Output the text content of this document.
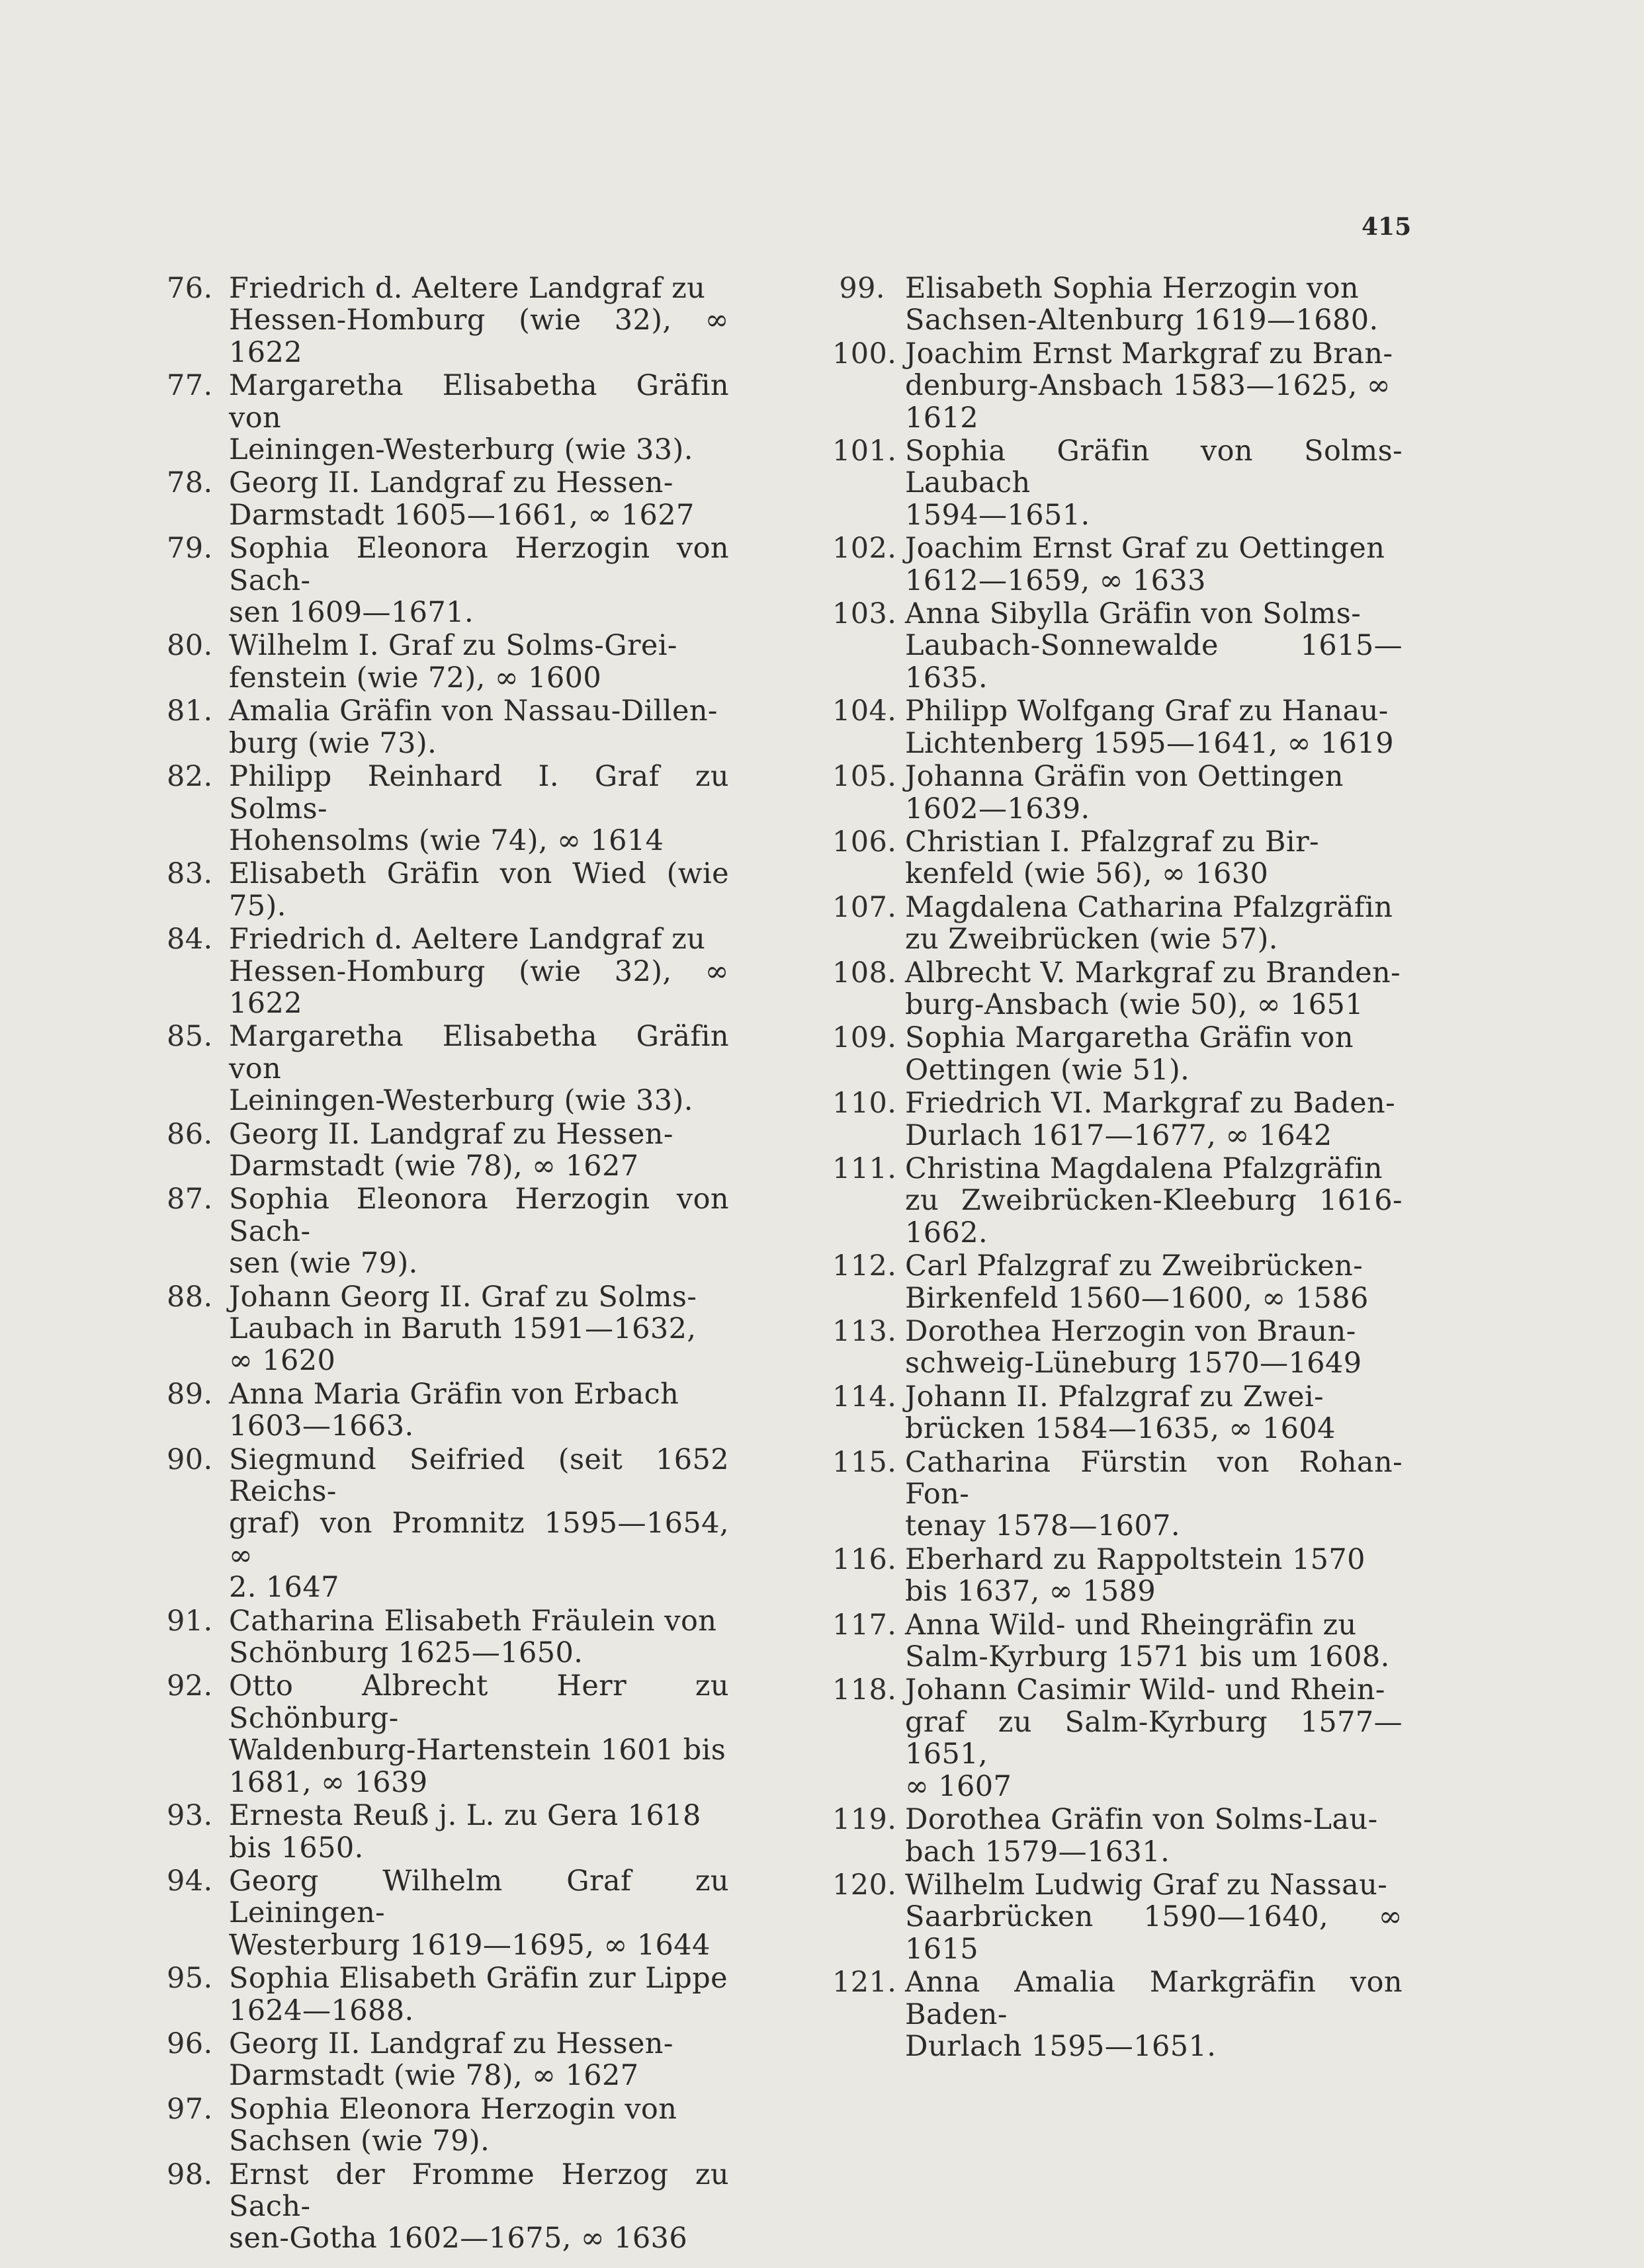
415
76. Friedrich d. Aeltere Landgraf zu
Hessen-Homburg (wie 32), ∞ 1622
77. Margaretha Elisabetha Gräfin von
Leiningen-Westerburg (wie 33).
78. Georg II. Landgraf zu Hessen-
Darmstadt 1605—1661, ∞ 1627
79. Sophia Eleonora Herzogin von Sach-
sen 1609—1671.
80. Wilhelm I. Graf zu Solms-Grei-
fenstein (wie 72), ∞ 1600
81. Amalia Gräfin von Nassau-Dillen-
burg (wie 73).
82. Philipp Reinhard I. Graf zu Solms-
Hohensolms (wie 74), ∞ 1614
83. Elisabeth Gräfin von Wied (wie 75).
84. Friedrich d. Aeltere Landgraf zu
Hessen-Homburg (wie 32), ∞ 1622
85. Margaretha Elisabetha Gräfin von
Leiningen-Westerburg (wie 33).
86. Georg II. Landgraf zu Hessen-
Darmstadt (wie 78), ∞ 1627
87. Sophia Eleonora Herzogin von Sach-
sen (wie 79).
88. Johann Georg II. Graf zu Solms-
Laubach in Baruth 1591—1632,
∞ 1620
89. Anna Maria Gräfin von Erbach
1603—1663.
90. Siegmund Seifried (seit 1652 Reichs-
graf) von Promnitz 1595—1654, ∞
2. 1647
91. Catharina Elisabeth Fräulein von
Schönburg 1625—1650.
92. Otto Albrecht Herr zu Schönburg-
Waldenburg-Hartenstein 1601 bis
1681, ∞ 1639
93. Ernesta Reuß j. L. zu Gera 1618
bis 1650.
94. Georg Wilhelm Graf zu Leiningen-
Westerburg 1619—1695, ∞ 1644
95. Sophia Elisabeth Gräfin zur Lippe
1624—1688.
96. Georg II. Landgraf zu Hessen-
Darmstadt (wie 78), ∞ 1627
97. Sophia Eleonora Herzogin von
Sachsen (wie 79).
98. Ernst der Fromme Herzog zu Sach-
sen-Gotha 1602—1675, ∞ 1636
99. Elisabeth Sophia Herzogin von
Sachsen-Altenburg 1619—1680.
100. Joachim Ernst Markgraf zu Bran-
denburg-Ansbach 1583—1625, ∞
1612
101. Sophia Gräfin von Solms-Laubach
1594—1651.
102. Joachim Ernst Graf zu Oettingen
1612—1659, ∞ 1633
103. Anna Sibylla Gräfin von Solms-
Laubach-Sonnewalde 1615—1635.
104. Philipp Wolfgang Graf zu Hanau-
Lichtenberg 1595—1641, ∞ 1619
105. Johanna Gräfin von Oettingen
1602—1639.
106. Christian I. Pfalzgraf zu Bir-
kenfeld (wie 56), ∞ 1630
107. Magdalena Catharina Pfalzgräfin
zu Zweibrücken (wie 57).
108. Albrecht V. Markgraf zu Branden-
burg-Ansbach (wie 50), ∞ 1651
109. Sophia Margaretha Gräfin von
Oettingen (wie 51).
110. Friedrich VI. Markgraf zu Baden-
Durlach 1617—1677, ∞ 1642
111. Christina Magdalena Pfalzgräfin
zu Zweibrücken-Kleeburg 1616-1662.
112. Carl Pfalzgraf zu Zweibrücken-
Birkenfeld 1560—1600, ∞ 1586
113. Dorothea Herzogin von Braun-
schweig-Lüneburg 1570—1649
114. Johann II. Pfalzgraf zu Zwei-
brücken 1584—1635, ∞ 1604
115. Catharina Fürstin von Rohan-Fon-
tenay 1578—1607.
116. Eberhard zu Rappoltstein 1570
bis 1637, ∞ 1589
117. Anna Wild- und Rheingräfin zu
Salm-Kyrburg 1571 bis um 1608.
118. Johann Casimir Wild- und Rhein-
graf zu Salm-Kyrburg 1577—1651,
∞ 1607
119. Dorothea Gräfin von Solms-Lau-
bach 1579—1631.
120. Wilhelm Ludwig Graf zu Nassau-
Saarbrücken 1590—1640, ∞ 1615
121. Anna Amalia Markgräfin von Baden-
Durlach 1595—1651.
